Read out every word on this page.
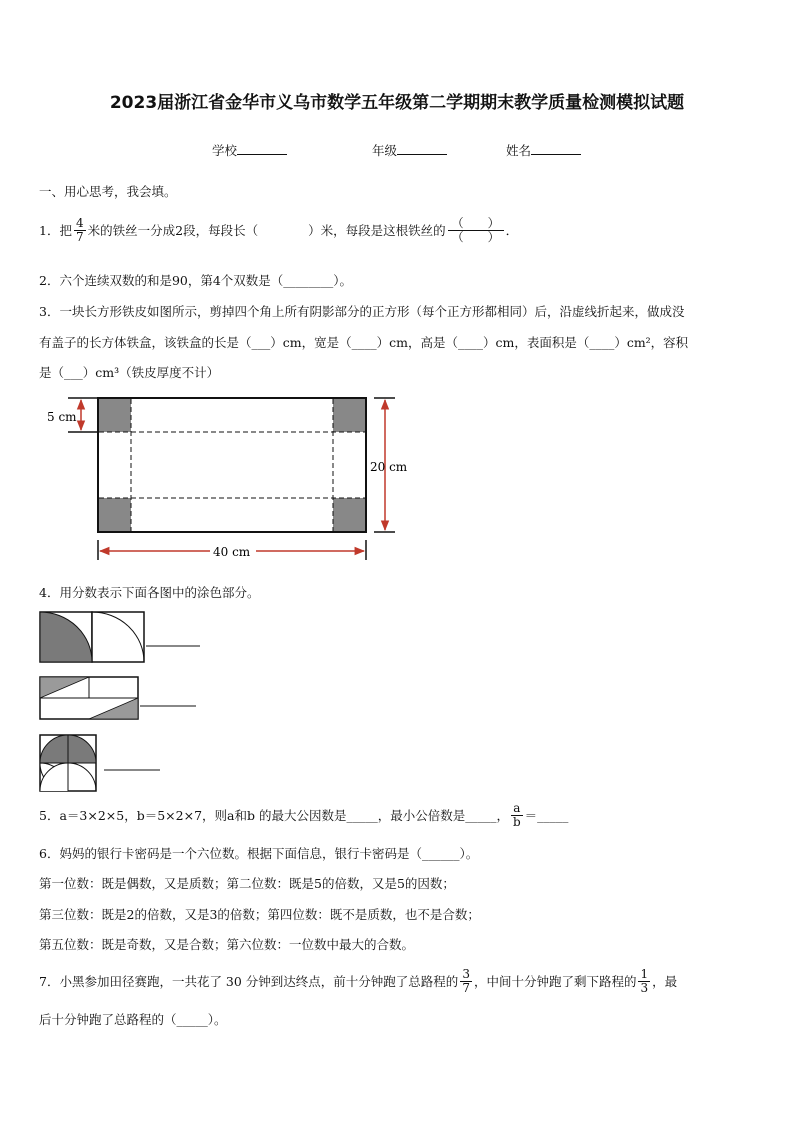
2023届浙江省金华市义乌市数学五年级第二学期期末教学质量检测模拟试题
学校	年级	姓名
一、用心思考，我会填。
1． 把 $\frac{4}{7}$ 米的铁丝一分成2段，每段长（　　　　）米，每段是这根铁丝的 $\frac{( )}{( )}$ ．
2．六个连续双数的和是90，第4个双数是（________）。
3．一块长方形铁皮如图所示，剪掉四个角上所有阴影部分的正方形（每个正方形都相同）后，沿虚线折起来，做成没
有盖子的长方体铁盒，该铁盒的长是（___）cm，宽是（____）cm，高是（____）cm，表面积是（____）cm²，容积
是（___）cm³（铁皮厚度不计）
5 cm
20 cm
40 cm
4．用分数表示下面各图中的涂色部分。
5．a＝3×2×5，b＝5×2×7，则a和b 的最大公因数是_____，最小公倍数是_____， $\frac{a}{b}$ ＝_____
6．妈妈的银行卡密码是一个六位数。根据下面信息，银行卡密码是（______）。
第一位数：既是偶数，又是质数；第二位数：既是5的倍数，又是5的因数；
第三位数：既是2的倍数，又是3的倍数；第四位数：既不是质数，也不是合数；
第五位数：既是奇数，又是合数；第六位数：一位数中最大的合数。
7．小黑参加田径赛跑，一共花了 30 分钟到达终点，前十分钟跑了总路程的 $\frac{3}{7}$ ，中间十分钟跑了剩下路程的 $\frac{1}{3}$ ，最
后十分钟跑了总路程的（_____）。
